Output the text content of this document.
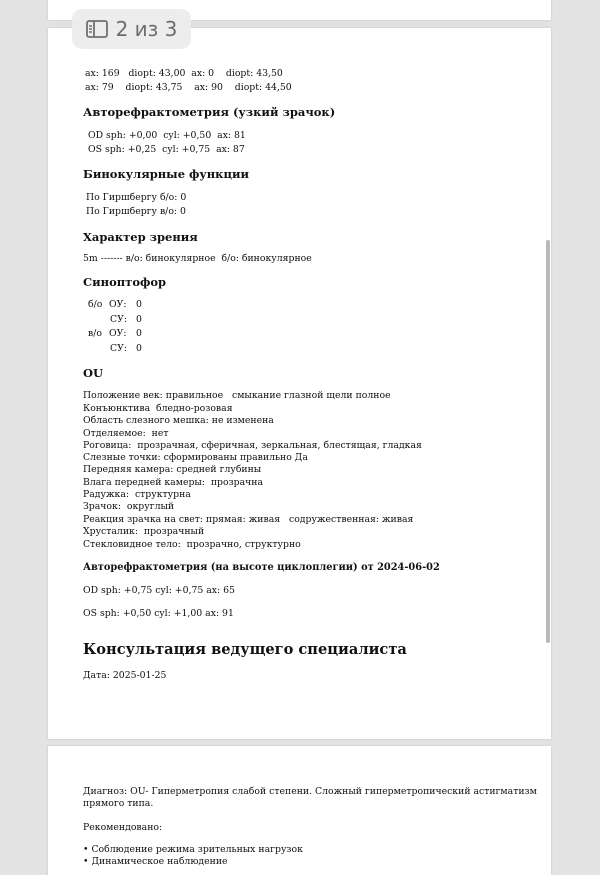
ax: 169   diopt: 43,00  ax: 0    diopt: 43,50
ax: 79    diopt: 43,75    ax: 90    diopt: 44,50
Авторефрактометрия (узкий зрачок)
OD sph: +0,00  cyl: +0,50  ax: 81
OS sph: +0,25  cyl: +0,75  ax: 87
Бинокулярные функции
По Гиршбергу б/о: 0
По Гиршбергу в/о: 0
Характер зрения
5m ------- в/о: бинокулярное  б/о: бинокулярное
Синоптофор
б/о ОУ: 0
СУ: 0
в/о ОУ: 0
СУ: 0
OU
Положение век: правильное   смыкание глазной щели полное
Конъюнктива  бледно-розовая
Область слезного мешка: не изменена
Отделяемое:  нет
Роговица:  прозрачная, сферичная, зеркальная, блестящая, гладкая
Слезные точки: сформированы правильно Да
Передняя камера: средней глубины
Влага передней камеры:  прозрачна
Радужка:  структурна
Зрачок:  округлый
Реакция зрачка на свет: прямая: живая   содружественная: живая
Хрусталик:  прозрачный
Стекловидное тело:  прозрачно, структурно
Авторефрактометрия (на высоте циклоплегии) от 2024-06-02
OD sph: +0,75 cyl: +0,75 ax: 65
OS sph: +0,50 cyl: +1,00 ax: 91
Консультация ведущего специалиста
Дата: 2025-01-25
Диагноз: OU- Гиперметропия слабой степени. Сложный гиперметропический астигматизм
прямого типа.
Рекомендовано:
• Соблюдение режима зрительных нагрузок
• Динамическое наблюдение
2 из 3
